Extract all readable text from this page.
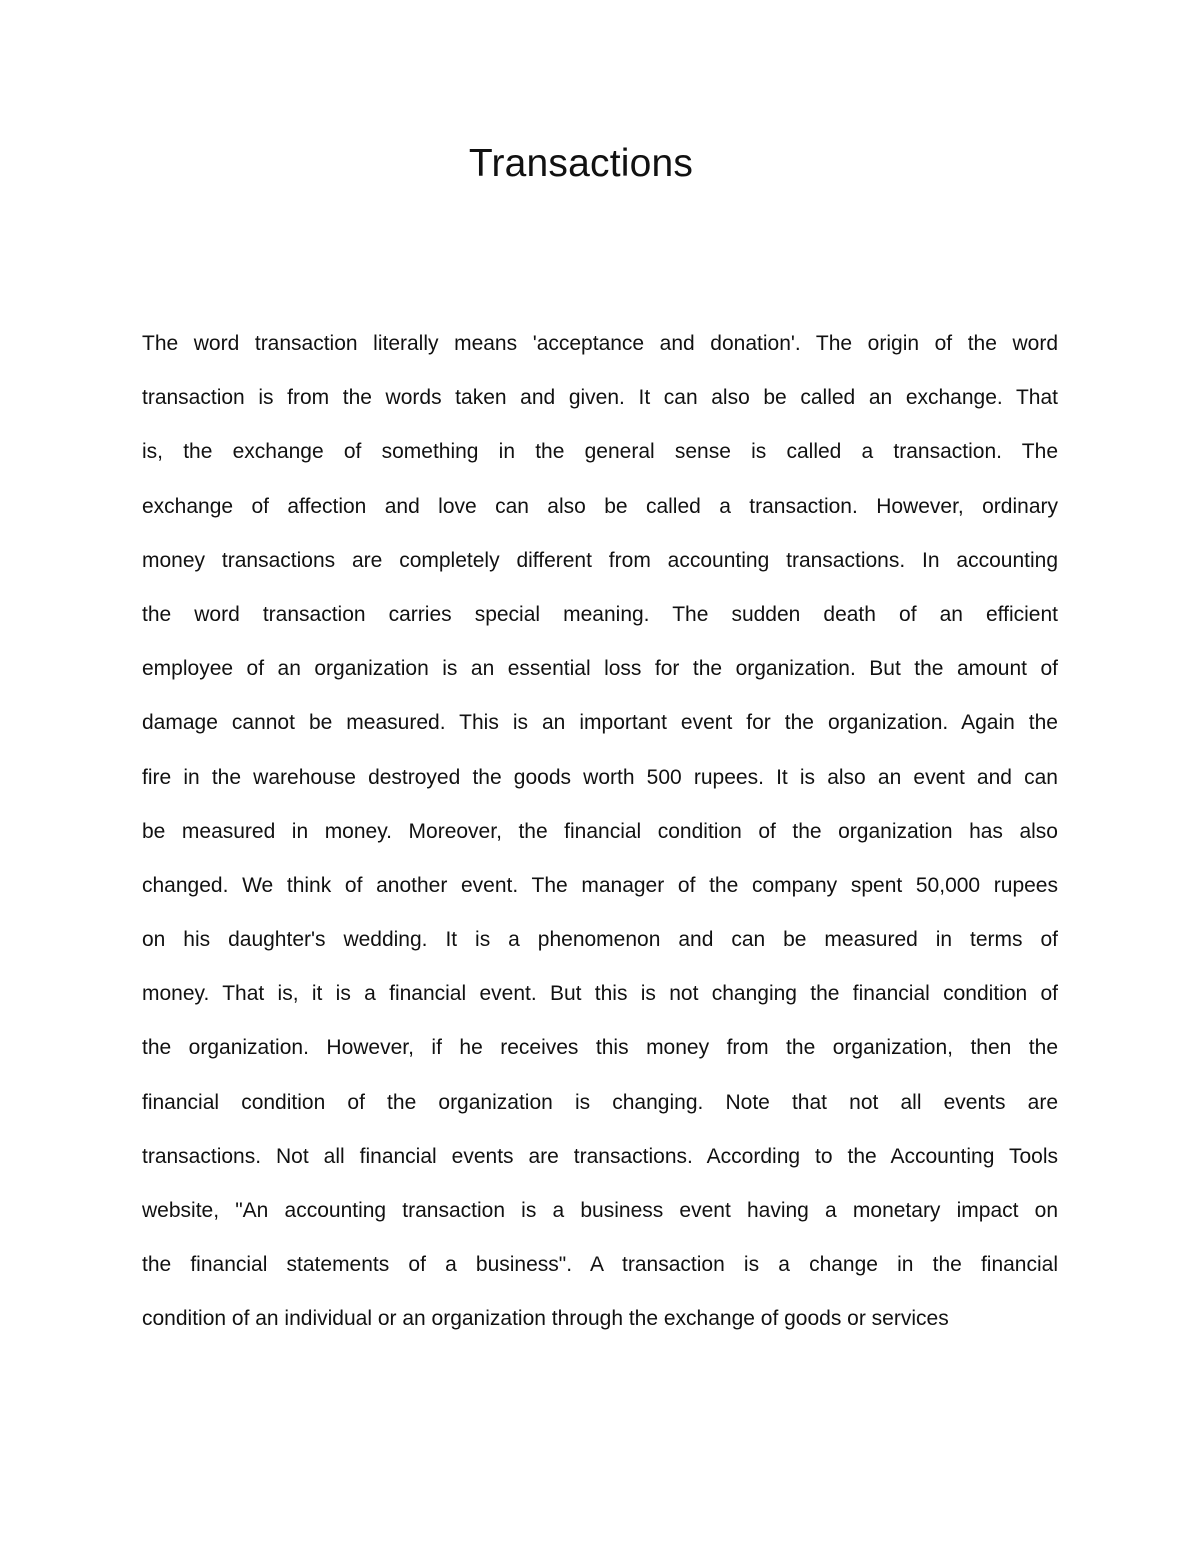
Transactions
The word transaction literally means 'acceptance and donation'. The origin of the word
transaction is from the words taken and given. It can also be called an exchange. That
is, the exchange of something in the general sense is called a transaction. The
exchange of affection and love can also be called a transaction. However, ordinary
money transactions are completely different from accounting transactions. In accounting
the word transaction carries special meaning. The sudden death of an efficient
employee of an organization is an essential loss for the organization. But the amount of
damage cannot be measured. This is an important event for the organization. Again the
fire in the warehouse destroyed the goods worth 500 rupees. It is also an event and can
be measured in money. Moreover, the financial condition of the organization has also
changed. We think of another event. The manager of the company spent 50,000 rupees
on his daughter's wedding. It is a phenomenon and can be measured in terms of
money. That is, it is a financial event. But this is not changing the financial condition of
the organization. However, if he receives this money from the organization, then the
financial condition of the organization is changing. Note that not all events are
transactions. Not all financial events are transactions. According to the Accounting Tools
website, "An accounting transaction is a business event having a monetary impact on
the financial statements of a business". A transaction is a change in the financial
condition of an individual or an organization through the exchange of goods or services
